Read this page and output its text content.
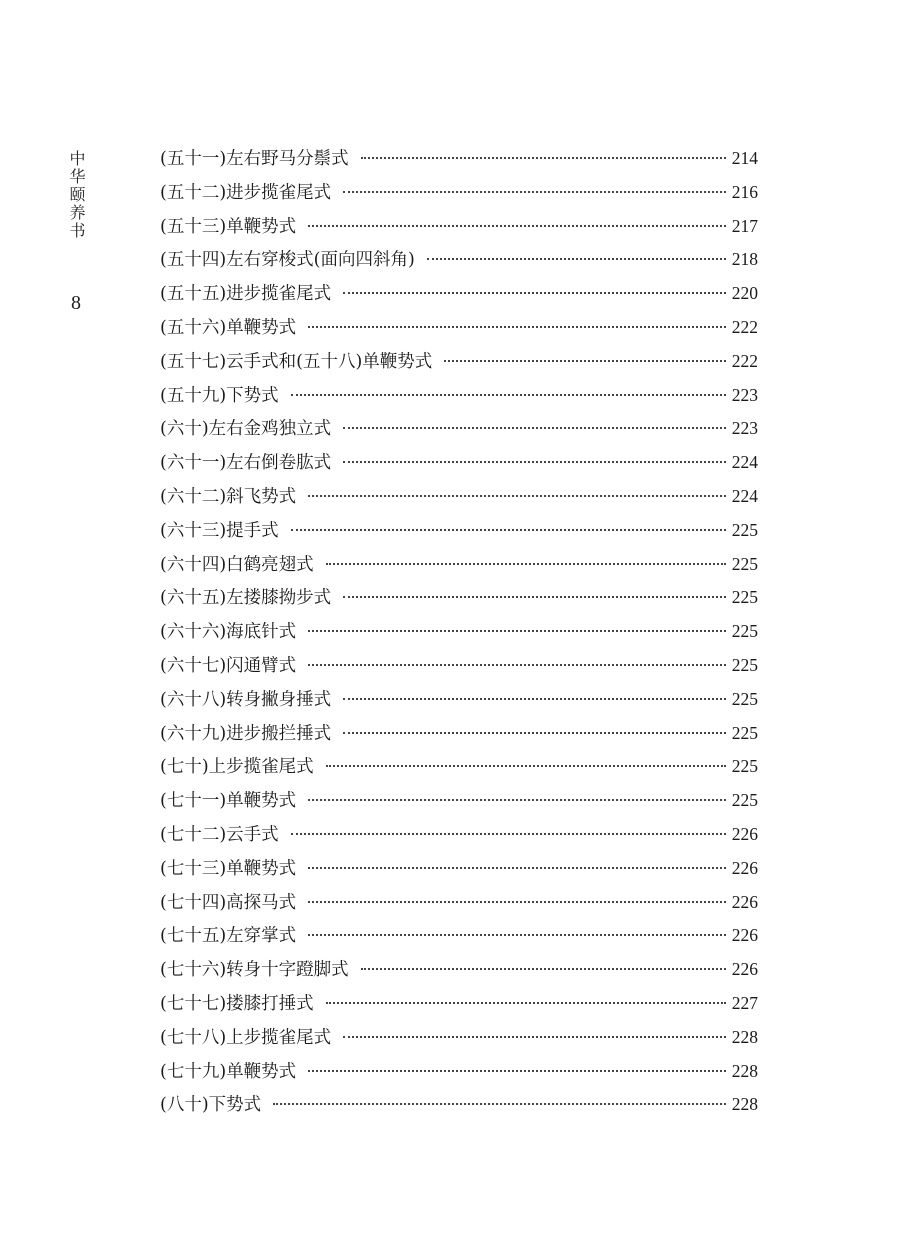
中华颐养书
8
(五十一)左右野马分鬃式	214
(五十二)进步揽雀尾式	216
(五十三)单鞭势式	217
(五十四)左右穿梭式(面向四斜角)	218
(五十五)进步揽雀尾式	220
(五十六)单鞭势式	222
(五十七)云手式和(五十八)单鞭势式	222
(五十九)下势式	223
(六十)左右金鸡独立式	223
(六十一)左右倒卷肱式	224
(六十二)斜飞势式	224
(六十三)提手式	225
(六十四)白鹤亮翅式	225
(六十五)左搂膝拗步式	225
(六十六)海底针式	225
(六十七)闪通臂式	225
(六十八)转身撇身捶式	225
(六十九)进步搬拦捶式	225
(七十)上步揽雀尾式	225
(七十一)单鞭势式	225
(七十二)云手式	226
(七十三)单鞭势式	226
(七十四)高探马式	226
(七十五)左穿掌式	226
(七十六)转身十字蹬脚式	226
(七十七)搂膝打捶式	227
(七十八)上步揽雀尾式	228
(七十九)单鞭势式	228
(八十)下势式	228
